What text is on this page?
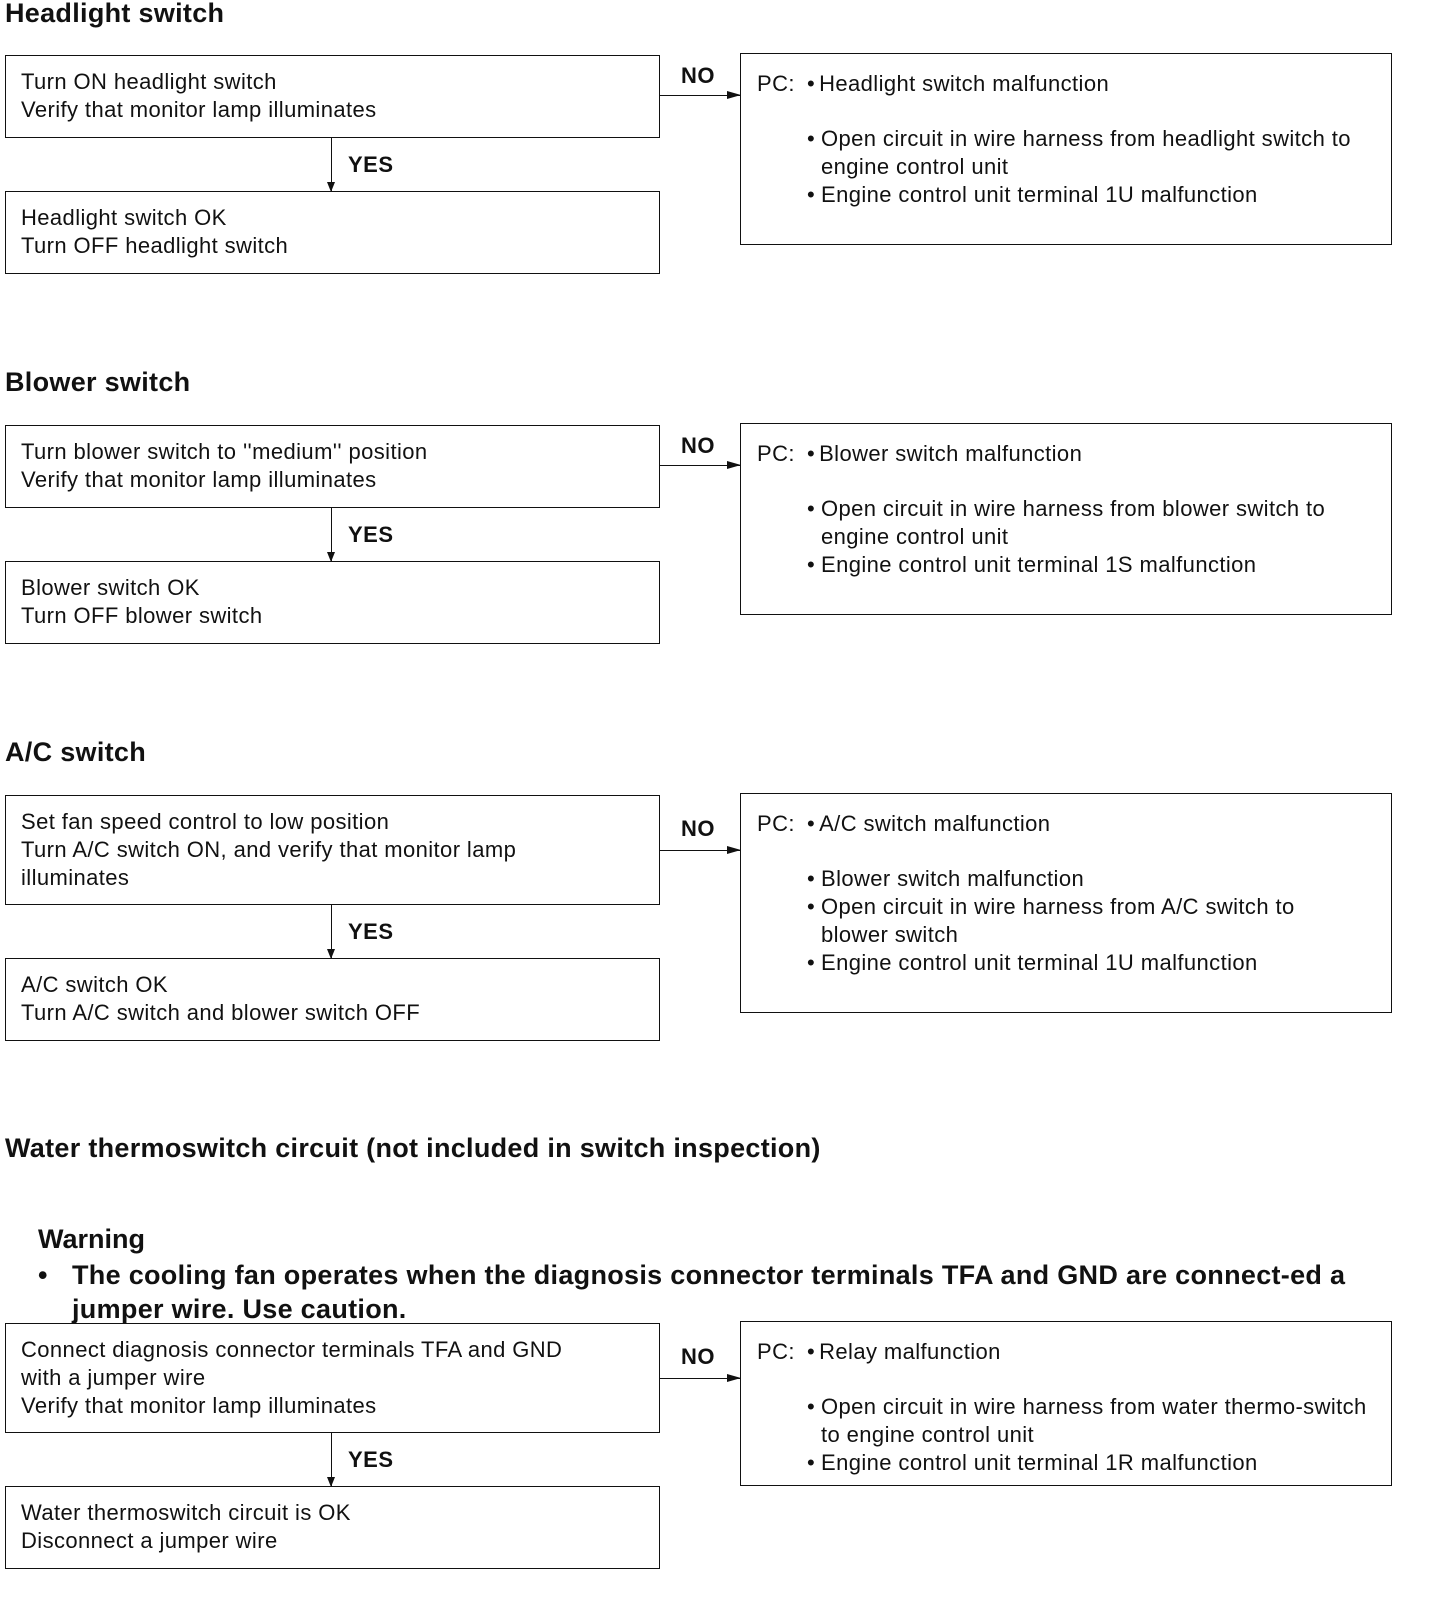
Headlight switch
Turn ON headlight switch
Verify that monitor lamp illuminates
YES
Headlight switch OK
Turn OFF headlight switch
NO PC:	• Headlight switch malfunction
• Open circuit in wire harness from headlight switch to engine control unit
• Engine control unit terminal 1U malfunction
Blower switch
Turn blower switch to ''medium'' position
Verify that monitor lamp illuminates
YES
Blower switch OK
Turn OFF blower switch
NO PC:	• Blower switch malfunction
• Open circuit in wire harness from blower switch to engine control unit
• Engine control unit terminal 1S malfunction
A/C switch
Set fan speed control to low position
Turn A/C switch ON, and verify that monitor lamp
illuminates
YES
A/C switch OK
Turn A/C switch and blower switch OFF
NO PC:	• A/C switch malfunction
• Blower switch malfunction
• Open circuit in wire harness from A/C switch to blower switch
• Engine control unit terminal 1U malfunction
Water thermoswitch circuit (not included in switch inspection)
Warning
• The cooling fan operates when the diagnosis connector terminals TFA and GND are connect-ed a jumper wire. Use caution.
Connect diagnosis connector terminals TFA and GND
with a jumper wire
Verify that monitor lamp illuminates
YES
Water thermoswitch circuit is OK
Disconnect a jumper wire
NO PC:	• Relay malfunction
• Open circuit in wire harness from water thermo-switch to engine control unit
• Engine control unit terminal 1R malfunction
